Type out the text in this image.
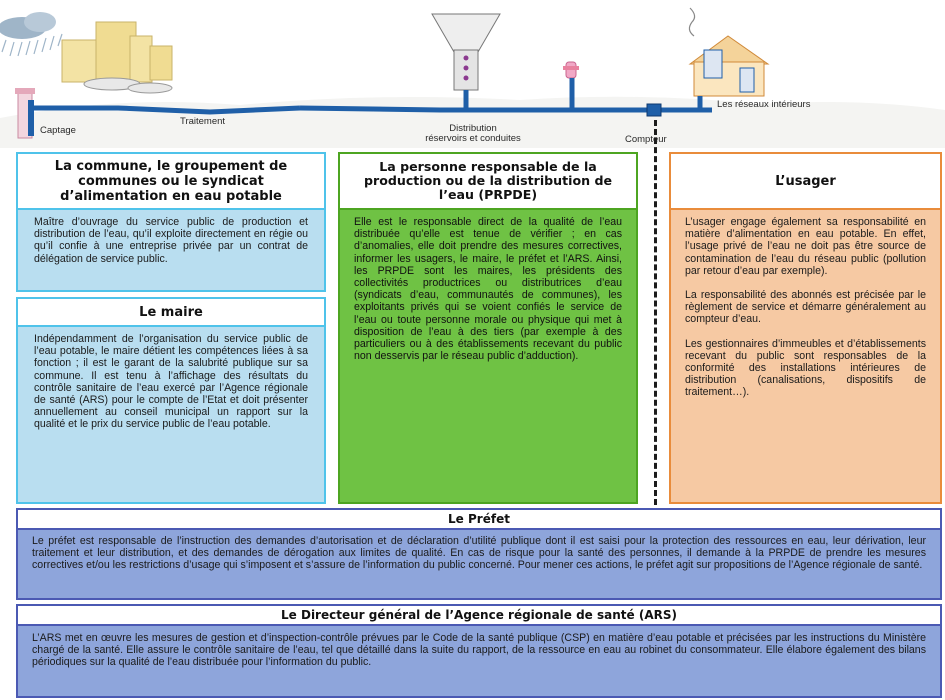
Captage
Traitement
Distribution
réservoirs et conduites	Compteur
Les réseaux intérieurs
La commune, le groupement de communes ou le syndicat d’alimentation en eau potable

Maître d’ouvrage du service public de production et distribution de l’eau, qu’il exploite directement en régie ou qu’il confie à une entreprise privée par un contrat de délégation de service public.

Le maire

Indépendamment de l’organisation du service public de l’eau potable, le maire détient les compétences liées à sa fonction ; il est le garant de la salubrité publique sur sa commune. Il est tenu à l’affichage des résultats du contrôle sanitaire de l’eau exercé par l’Agence régionale de santé (ARS) pour le compte de l’Etat et doit présenter annuellement au conseil municipal un rapport sur la qualité et le prix du service public de l’eau potable.

La personne responsable de la production ou de la distribution de l’eau (PRPDE)

Elle est le responsable direct de la qualité de l’eau distribuée qu’elle est tenue de vérifier ; en cas d’anomalies, elle doit prendre des mesures correctives, informer les usagers, le maire, le préfet et l’ARS. Ainsi, les PRPDE sont les maires, les présidents des collectivités productrices ou distributrices d’eau (syndicats d’eau, communautés de communes), les exploitants privés qui se voient confiés le service de l’eau ou toute personne morale ou physique qui met à disposition de l’eau à des tiers (par exemple à des particuliers ou à des établissements recevant du public non desservis par le réseau public d’adduction).

L’usager

L’usager engage également sa responsabilité en matière d’alimentation en eau potable. En effet, l’usage privé de l’eau ne doit pas être source de contamination de l’eau du réseau public (pollution par retour d’eau par exemple).

La responsabilité des abonnés est précisée par le règlement de service et démarre généralement au compteur d’eau.

Les gestionnaires d’immeubles et d’établissements recevant du public sont responsables de la conformité des installations intérieures de distribution (canalisations, dispositifs de traitement…).

Le Préfet

Le préfet est responsable de l’instruction des demandes d’autorisation et de déclaration d’utilité publique dont il est saisi pour la protection des ressources en eau, leur dérivation, leur traitement et leur distribution, et des demandes de dérogation aux limites de qualité. En cas de risque pour la santé des personnes, il demande à la PRPDE de prendre les mesures correctives et/ou les restrictions d’usage qui s’imposent et s’assure de l’information du public concerné. Pour mener ces actions, le préfet agit sur propositions de l’Agence régionale de santé.

Le Directeur général de l’Agence régionale de santé (ARS)

L’ARS met en œuvre les mesures de gestion et d’inspection-contrôle prévues par le Code de la santé publique (CSP) en matière d’eau potable et précisées par les instructions du Ministère chargé de la santé. Elle assure le contrôle sanitaire de l’eau, tel que détaillé dans la suite du rapport, de la ressource en eau au robinet du consommateur. Elle élabore également des bilans périodiques sur la qualité de l’eau distribuée pour l’information du public.
